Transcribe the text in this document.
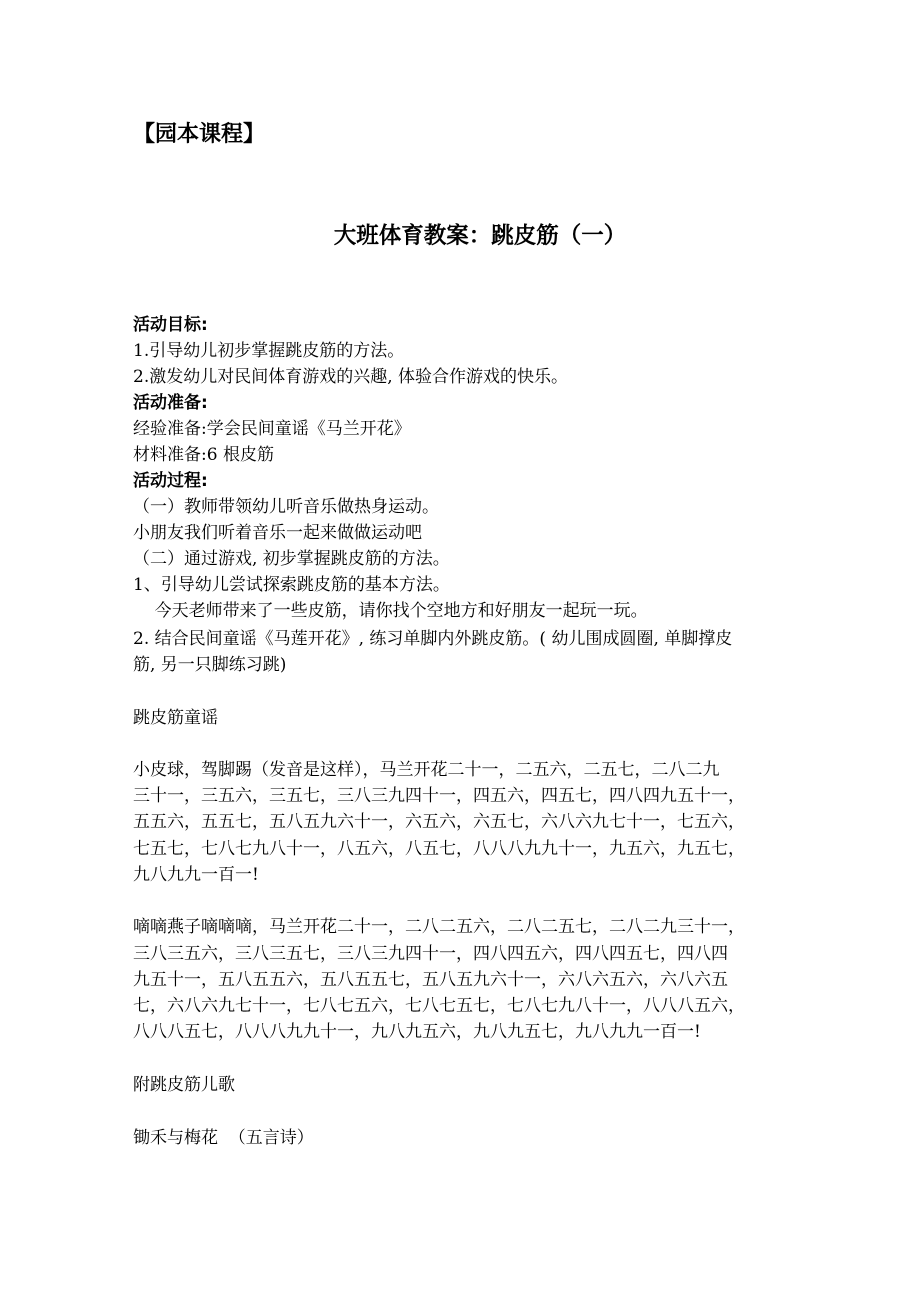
【园本课程】
大班体育教案：跳皮筋（一）
活动目标:
1.引导幼儿初步掌握跳皮筋的方法。
2.激发幼儿对民间体育游戏的兴趣, 体验合作游戏的快乐。
活动准备:
经验准备:学会民间童谣《马兰开花》
材料准备:6 根皮筋
活动过程:
（一）教师带领幼儿听音乐做热身运动。
小朋友我们听着音乐一起来做做运动吧
（二）通过游戏, 初步掌握跳皮筋的方法。
1、引导幼儿尝试探索跳皮筋的基本方法。
今天老师带来了一些皮筋，请你找个空地方和好朋友一起玩一玩。
2. 结合民间童谣《马莲开花》, 练习单脚内外跳皮筋。( 幼儿围成圆圈, 单脚撑皮
筋, 另一只脚练习跳)
跳皮筋童谣
小皮球，驾脚踢（发音是这样），马兰开花二十一，二五六，二五七，二八二九
三十一，三五六，三五七，三八三九四十一，四五六，四五七，四八四九五十一，
五五六，五五七，五八五九六十一，六五六，六五七，六八六九七十一，七五六，
七五七，七八七九八十一，八五六，八五七，八八八九九十一，九五六，九五七，
九八九九一百一!
嘀嘀燕子嘀嘀嘀，马兰开花二十一，二八二五六，二八二五七，二八二九三十一，
三八三五六，三八三五七，三八三九四十一，四八四五六，四八四五七，四八四
九五十一，五八五五六，五八五五七，五八五九六十一，六八六五六，六八六五
七，六八六九七十一，七八七五六，七八七五七，七八七九八十一，八八八五六，
八八八五七，八八八九九十一，九八九五六，九八九五七，九八九九一百一!
附跳皮筋儿歌
锄禾与梅花  （五言诗）
